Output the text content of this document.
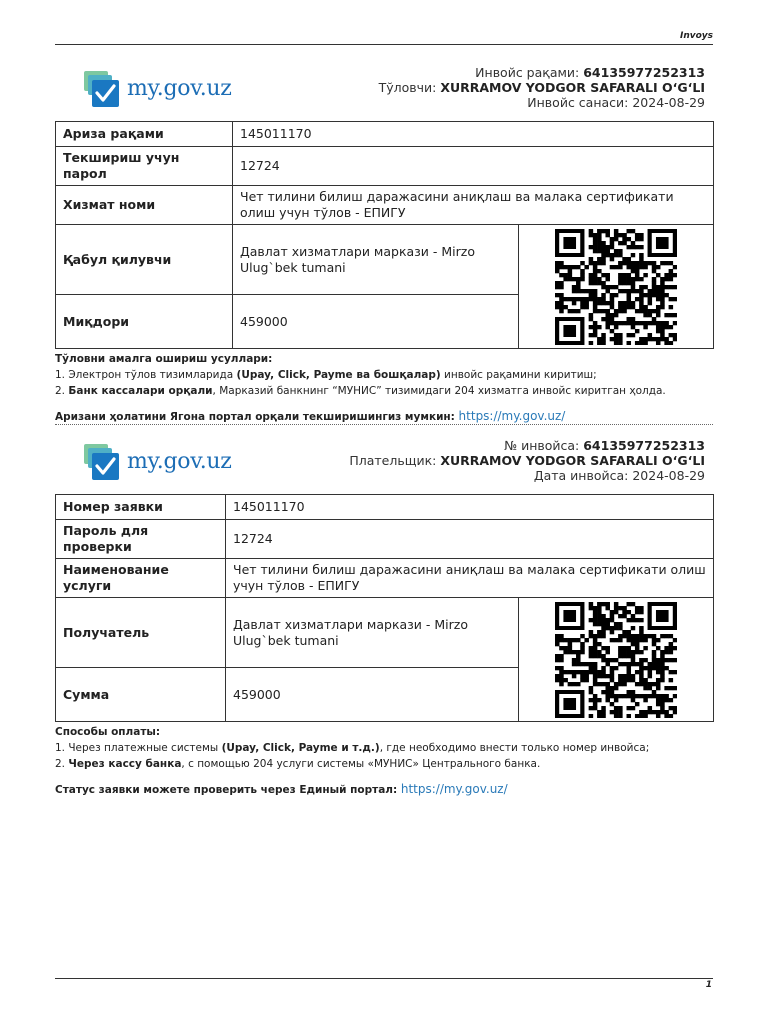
Invoys
my.gov.uz
Инвойс рақами: 64135977252313
Тўловчи: XURRAMOV YODGOR SAFARALI O‘G‘LI
Инвойс санаси: 2024-08-29
Ариза рақами	145011170	
Текшириш учун парол	12724	
Хизмат номи	Чет тилини билиш даражасини аниқлаш ва малака сертификати олиш учун тўлов - ЕПИГУ	
Қабул қилувчи	Давлат хизматлари маркази - Mirzo Ulug`bek tumani	

Миқдори	459000	
Тўловни амалга ошириш усуллари:
1. Электрон тўлов тизимларида (Upay, Click, Payme ва бошқалар) инвойс рақамини киритиш;
2. Банк кассалари орқали, Марказий банкнинг “МУНИС” тизимидаги 204 хизматга инвойс киритган ҳолда.
Аризани ҳолатини Ягона портал орқали текширишингиз мумкин: https://my.gov.uz/
my.gov.uz
№ инвойса: 64135977252313
Плательщик: XURRAMOV YODGOR SAFARALI O‘G‘LI
Дата инвойса: 2024-08-29
Номер заявки	145011170	
Пароль для проверки	12724	
Наименование услуги	Чет тилини билиш даражасини аниқлаш ва малака сертификати олиш учун тўлов - ЕПИГУ	
Получатель	Давлат хизматлари маркази - Mirzo Ulug`bek tumani	

Сумма	459000	
Способы оплаты:
1. Через платежные системы (Upay, Click, Payme и т.д.), где необходимо внести только номер инвойса;
2. Через кассу банка, с помощью 204 услуги системы «МУНИС» Центрального банка.
Статус заявки можете проверить через Единый портал: https://my.gov.uz/
1
